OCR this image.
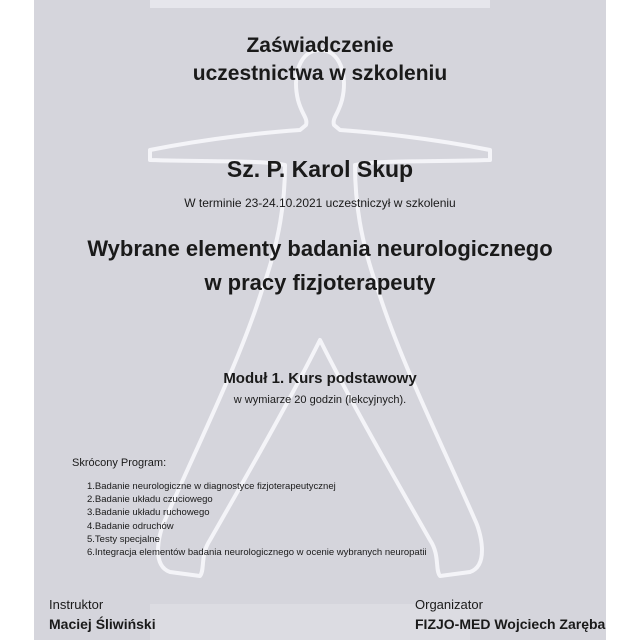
Zaświadczenie
uczestnictwa w szkoleniu
Sz. P. Karol Skup
W terminie 23-24.10.2021 uczestniczył w szkoleniu
Wybrane elementy badania neurologicznego
w pracy fizjoterapeuty
Moduł 1. Kurs podstawowy
w wymiarze 20 godzin (lekcyjnych).
Skrócony Program:
1.Badanie neurologiczne w diagnostyce fizjoterapeutycznej
2.Badanie układu czuciowego
3.Badanie układu ruchowego
4.Badanie odruchów
5.Testy specjalne
6.Integracja elementów badania neurologicznego w ocenie wybranych neuropatii
Instruktor
Maciej Śliwiński
Organizator
FIZJO-MED Wojciech Zaręba
